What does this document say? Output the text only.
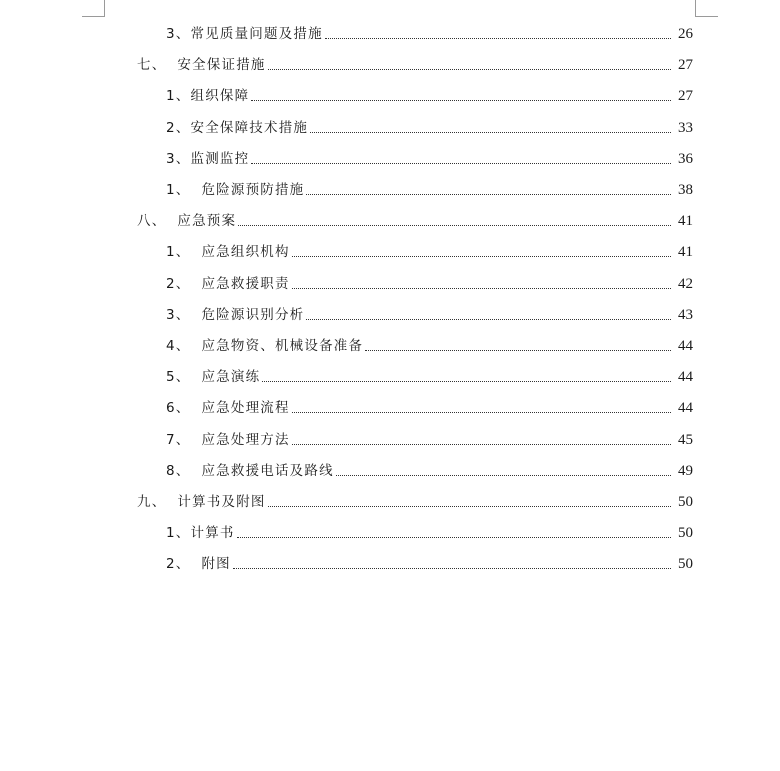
3、 常见质量问题及措施	26
七、 安全保证措施	27
1、 组织保障	27
2、 安全保障技术措施	33
3、 监测监控	36
1、 危险源预防措施	38
八、 应急预案	41
1、 应急组织机构	41
2、 应急救援职责	42
3、 危险源识别分析	43
4、 应急物资、机械设备准备	44
5、 应急演练	44
6、 应急处理流程	44
7、 应急处理方法	45
8、 应急救援电话及路线	49
九、 计算书及附图	50
1、 计算书	50
2、 附图	50
